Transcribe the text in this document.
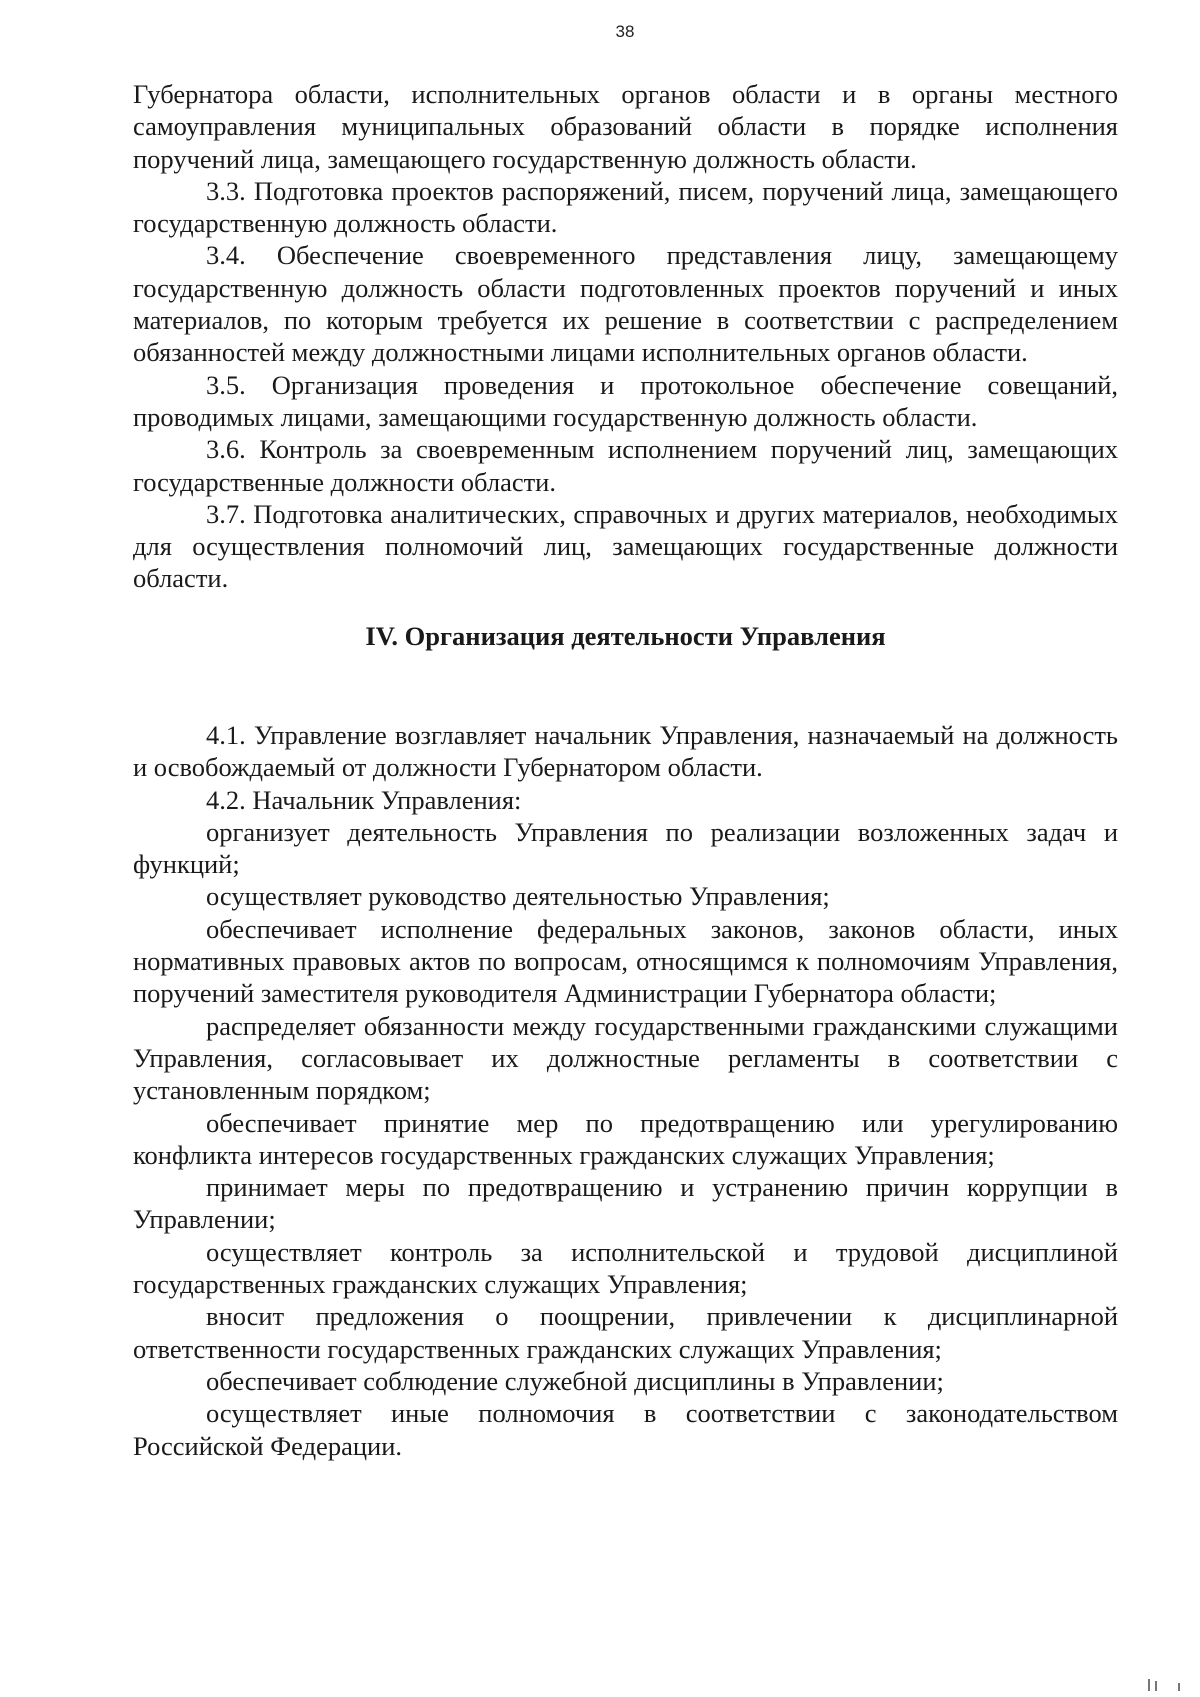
38

Губернатора области, исполнительных органов области и в органы местного самоуправления муниципальных образований области в порядке исполнения поручений лица, замещающего государственную должность области.

3.3. Подготовка проектов распоряжений, писем, поручений лица, замещающего государственную должность области.

3.4. Обеспечение своевременного представления лицу, замещающему государственную должность области подготовленных проектов поручений и иных материалов, по которым требуется их решение в соответствии с распределением обязанностей между должностными лицами исполнительных органов области.

3.5. Организация проведения и протокольное обеспечение совещаний, проводимых лицами, замещающими государственную должность области.

3.6. Контроль за своевременным исполнением поручений лиц, замещающих государственные должности области.

3.7. Подготовка аналитических, справочных и других материалов, необходимых для осуществления полномочий лиц, замещающих государственные должности области.

IV. Организация деятельности Управления

4.1. Управление возглавляет начальник Управления, назначаемый на должность и освобождаемый от должности Губернатором области.

4.2. Начальник Управления:

организует деятельность Управления по реализации возложенных задач и функций;

осуществляет руководство деятельностью Управления;

обеспечивает исполнение федеральных законов, законов области, иных нормативных правовых актов по вопросам, относящимся к полномочиям Управления, поручений заместителя руководителя Администрации Губернатора области;

распределяет обязанности между государственными гражданскими служащими Управления, согласовывает их должностные регламенты в соответствии с установленным порядком;

обеспечивает принятие мер по предотвращению или урегулированию конфликта интересов государственных гражданских служащих Управления;

принимает меры по предотвращению и устранению причин коррупции в Управлении;

осуществляет контроль за исполнительской и трудовой дисциплиной государственных гражданских служащих Управления;

вносит предложения о поощрении, привлечении к дисциплинарной ответственности государственных гражданских служащих Управления;

обеспечивает соблюдение служебной дисциплины в Управлении;

осуществляет иные полномочия в соответствии с законодательством Российской Федерации.
